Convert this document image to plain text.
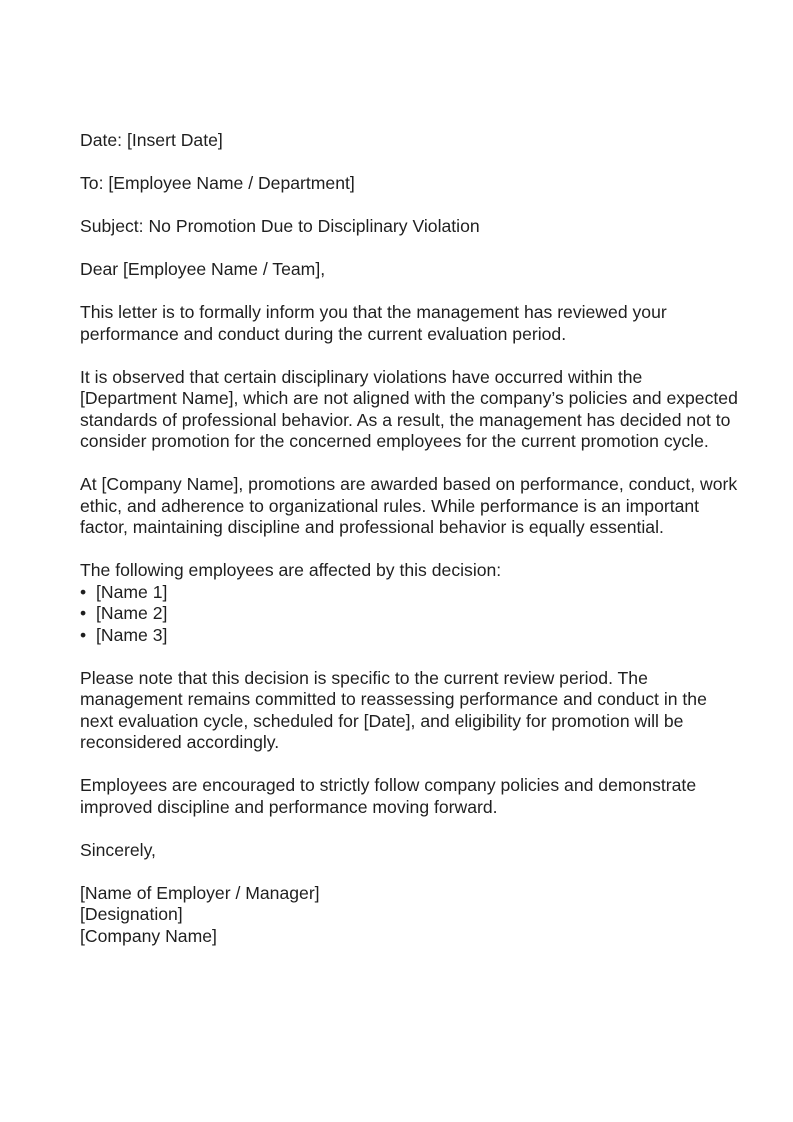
Date: [Insert Date]

To: [Employee Name / Department]

Subject: No Promotion Due to Disciplinary Violation

Dear [Employee Name / Team],

This letter is to formally inform you that the management has reviewed your performance and conduct during the current evaluation period.

It is observed that certain disciplinary violations have occurred within the [Department Name], which are not aligned with the company’s policies and expected standards of professional behavior. As a result, the management has decided not to consider promotion for the concerned employees for the current promotion cycle.

At [Company Name], promotions are awarded based on performance, conduct, work ethic, and adherence to organizational rules. While performance is an important factor, maintaining discipline and professional behavior is equally essential.

The following employees are affected by this decision:

• [Name 1]
• [Name 2]
• [Name 3]

Please note that this decision is specific to the current review period. The management remains committed to reassessing performance and conduct in the next evaluation cycle, scheduled for [Date], and eligibility for promotion will be reconsidered accordingly.

Employees are encouraged to strictly follow company policies and demonstrate improved discipline and performance moving forward.

Sincerely,

[Name of Employer / Manager]

[Designation]

[Company Name]
